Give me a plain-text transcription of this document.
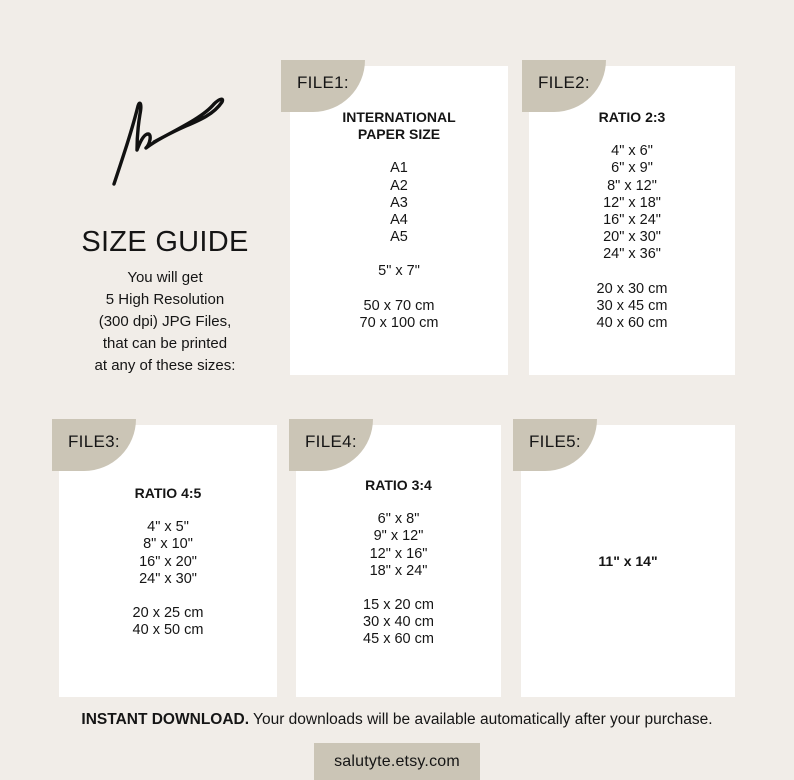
SIZE GUIDE
You will get
5 High Resolution
(300 dpi) JPG Files,
that can be printed
at any of these sizes:
INTERNATIONAL
PAPER SIZE
A1
A2
A3
A4
A5
5" x 7"
50 x 70 cm
70 x 100 cm
FILE1:
RATIO 2:3
4" x 6"
6" x 9"
8" x 12"
12" x 18"
16" x 24"
20" x 30"
24" x 36"
20 x 30 cm
30 x 45 cm
40 x 60 cm
FILE2:
RATIO 4:5
4" x 5"
8" x 10"
16" x 20"
24" x 30"
20 x 25 cm
40 x 50 cm
FILE3:
RATIO 3:4
6" x 8"
9" x 12"
12" x 16"
18" x 24"
15 x 20 cm
30 x 40 cm
45 x 60 cm
FILE4:
11" x 14"
FILE5:
INSTANT DOWNLOAD. Your downloads will be available automatically after your purchase.
salutyte.etsy.com
